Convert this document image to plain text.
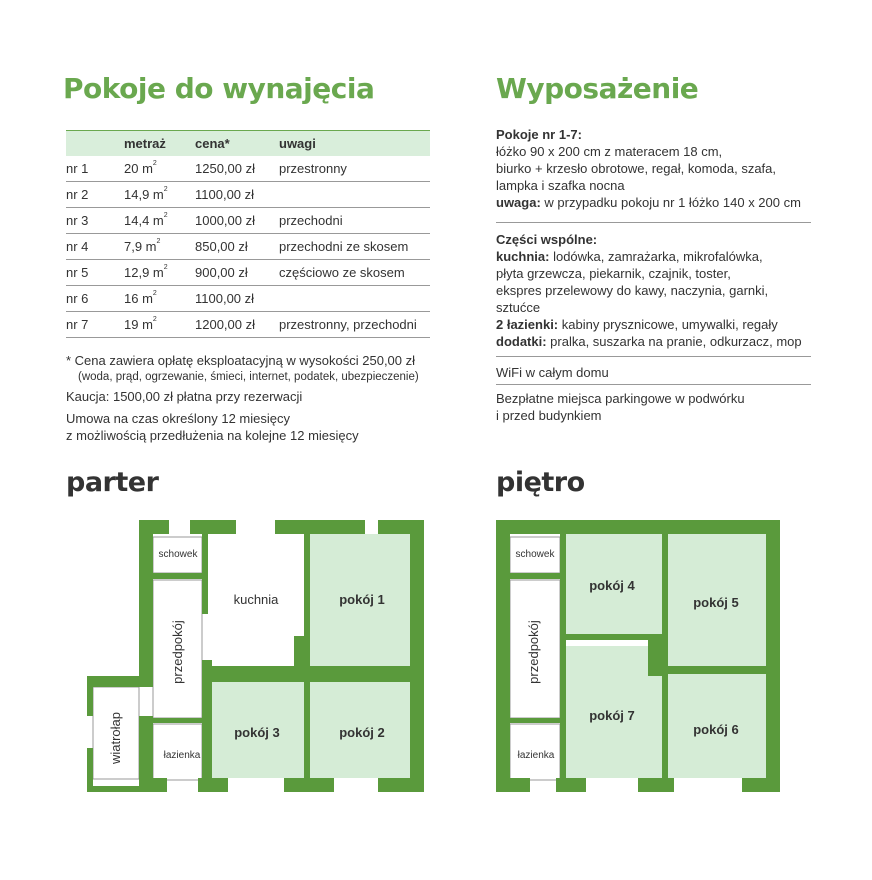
Pokoje do wynajęcia
	metraż	cena*	uwagi
nr 1	20 $m^2$	1250,00 zł	przestronny
nr 2	14,9 $m^2$	1100,00 zł	
nr 3	14,4 $m^2$	1000,00 zł	przechodni
nr 4	7,9 $m^2$	850,00 zł	przechodni ze skosem
nr 5	12,9 $m^2$	900,00 zł	częściowo ze skosem
nr 6	16 $m^2$	1100,00 zł	
nr 7	19 $m^2$	1200,00 zł	przestronny, przechodni
* Cena zawiera opłatę eksploatacyjną w wysokości 250,00 zł
(woda, prąd, ogrzewanie, śmieci, internet, podatek, ubezpieczenie)
Kaucja: 1500,00 zł płatna przy rezerwacji
Umowa na czas określony 12 miesięcy
z możliwością przedłużenia na kolejne 12 miesięcy
Wyposażenie
Pokoje nr 1-7:
łóżko 90 x 200 cm z materacem 18 cm,
biurko + krzesło obrotowe, regał, komoda, szafa,
lampka i szafka nocna
uwaga: w przypadku pokoju nr 1 łóżko 140 x 200 cm
Części wspólne:
kuchnia: lodówka, zamrażarka, mikrofalówka,
płyta grzewcza, piekarnik, czajnik, toster,
ekspres przelewowy do kawy, naczynia, garnki,
sztućce
2 łazienki: kabiny prysznicowe, umywalki, regały
dodatki: pralka, suszarka na pranie, odkurzacz, mop
WiFi w całym domu
Bezpłatne miejsca parkingowe w podwórku
i przed budynkiem
parter	piętro
schowek
łazienka
kuchnia
przedpokój
wiatrołap
pokój 1
pokój 3	pokój 2
schowek
łazienka
przedpokój
pokój 4
pokój 5
pokój 7
pokój 6
